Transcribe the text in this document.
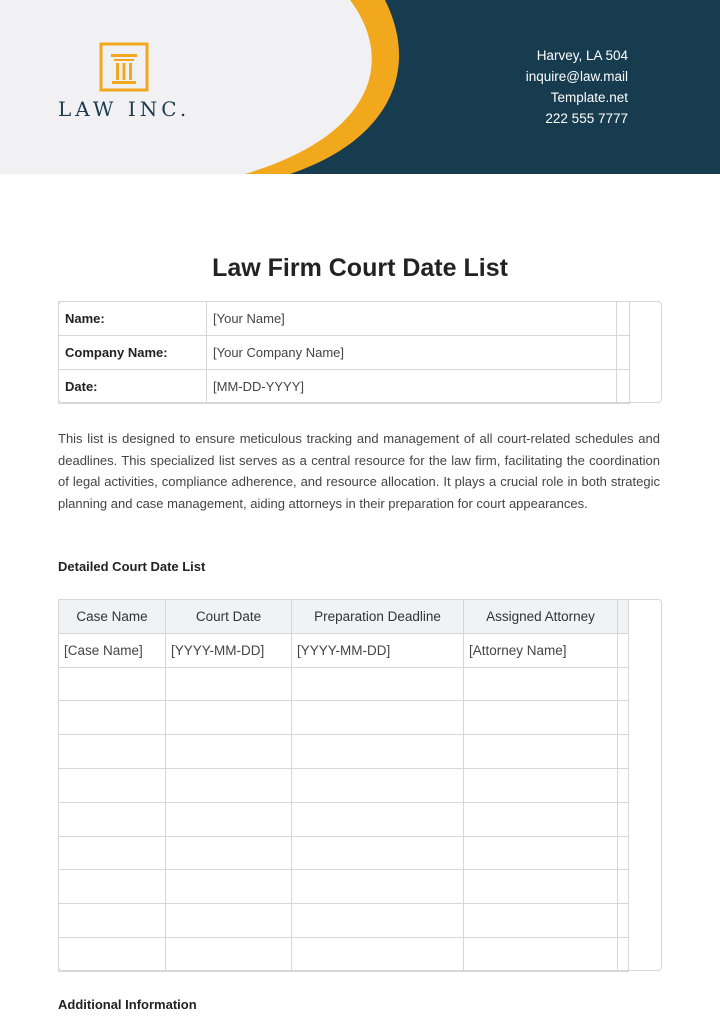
LAW INC.
Harvey, LA 504
inquire@law.mail
Template.net
222 555 7777
Law Firm Court Date List
Name:	[Your Name]	
Company Name:	[Your Company Name]	
Date:	[MM-DD-YYYY]	

This list is designed to ensure meticulous tracking and management of all court-related schedules and deadlines. This specialized list serves as a central resource for the law firm, facilitating the coordination of legal activities, compliance adherence, and resource allocation. It plays a crucial role in both strategic planning and case management, aiding attorneys in their preparation for court appearances.

Detailed Court Date List
Case Name	Court Date	Preparation Deadline	Assigned Attorney	
[Case Name]	[YYYY-MM-DD]	[YYYY-MM-DD]	[Attorney Name]	

Additional Information
